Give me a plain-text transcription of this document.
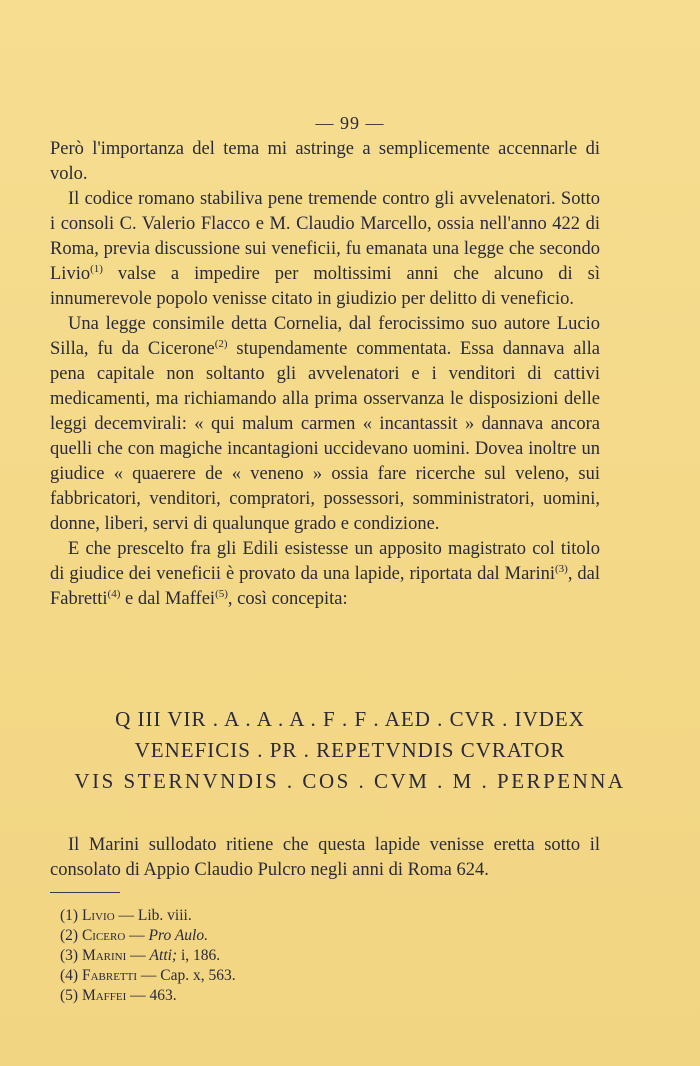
— 99 —

Però l'importanza del tema mi astringe a semplicemente accennarle di volo.

Il codice romano stabiliva pene tremende contro gli avvelenatori. Sotto i consoli C. Valerio Flacco e M. Claudio Marcello, ossia nell'anno 422 di Roma, previa discussione sui veneficii, fu emanata una legge che secondo Livio$^{(1)}$ valse a impedire per moltissimi anni che alcuno di sì innumerevole popolo venisse citato in giudizio per delitto di veneficio.

Una legge consimile detta Cornelia, dal ferocissimo suo autore Lucio Silla, fu da Cicerone$^{(2)}$ stupendamente commentata. Essa dannava alla pena capitale non soltanto gli avvelenatori e i venditori di cattivi medicamenti, ma richiamando alla prima osservanza le disposizioni delle leggi decemvirali: « qui malum carmen « incantassit » dannava ancora quelli che con magiche incantagioni uccidevano uomini. Dovea inoltre un giudice « quaerere de « veneno » ossia fare ricerche sul veleno, sui fabbricatori, venditori, compratori, possessori, somministratori, uomini, donne, liberi, servi di qualunque grado e condizione.

E che prescelto fra gli Edili esistesse un apposito magistrato col titolo di giudice dei veneficii è provato da una lapide, riportata dal Marini$^{(3)}$, dal Fabretti$^{(4)}$ e dal Maffei$^{(5)}$, così concepita:

Q III VIR . A . A . A . F . F . AED . CVR . IVDEX
VENEFICIS . PR . REPETVNDIS CVRATOR
VIS STERNVNDIS . COS . CVM . M . PERPENNA

Il Marini sullodato ritiene che questa lapide venisse eretta sotto il consolato di Appio Claudio Pulcro negli anni di Roma 624.

(1) Livio — Lib. viii.
(2) Cicero — Pro Aulo.
(3) Marini — Atti; i, 186.
(4) Fabretti — Cap. x, 563.
(5) Maffei — 463.
